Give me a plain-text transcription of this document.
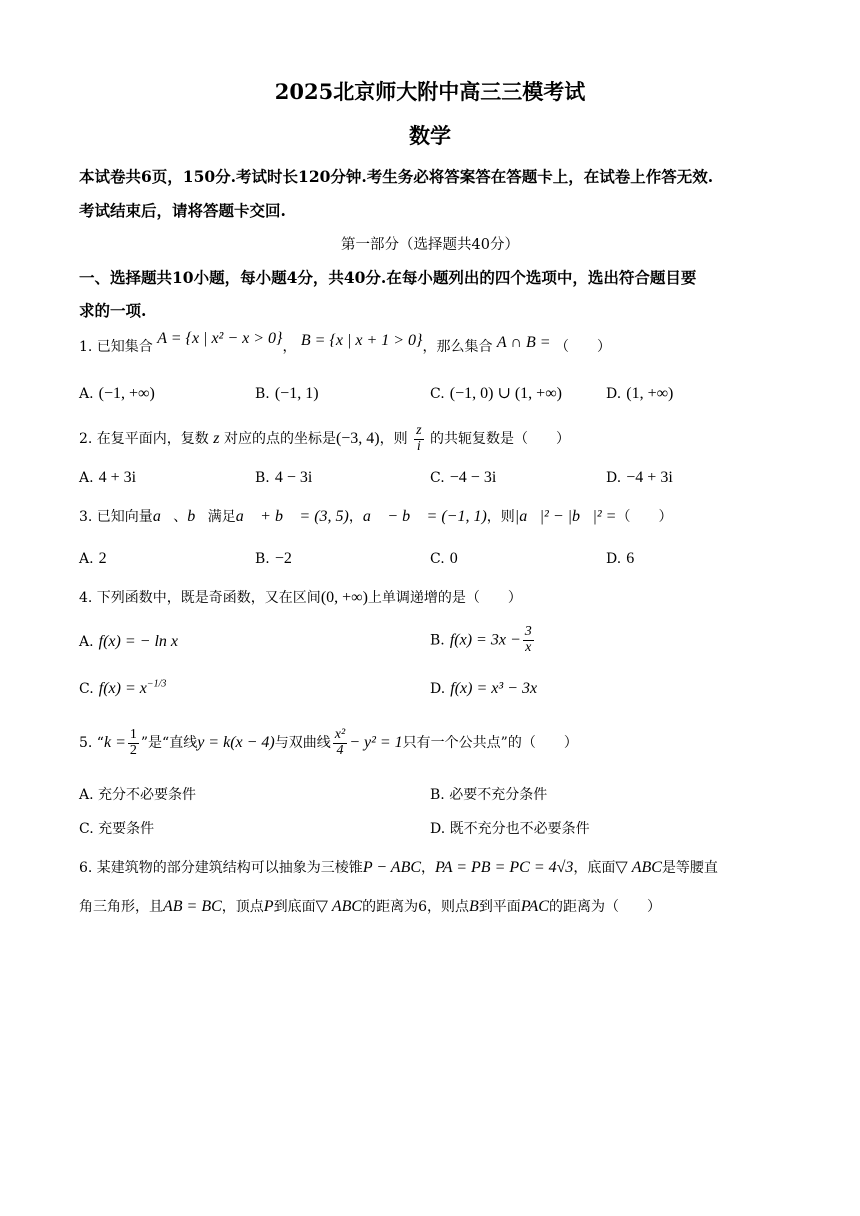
2025北京师大附中高三三模考试
数学
本试卷共6页，150分.考试时长120分钟.考生务必将答案答在答题卡上，在试卷上作答无效.
考试结束后，请将答题卡交回.
第一部分（选择题共40分）
一、选择题共10小题，每小题4分，共40分.在每小题列出的四个选项中，选出符合题目要
求的一项.
1. 已知集合 A = {x | x² − x > 0}， B = {x | x + 1 > 0}，那么集合 A ∩ B = （　　）
A. (−1, +∞)	B. (−1, 1)	C. (−1, 0) ∪ (1, +∞)	D. (1, +∞)
2. 在复平面内，复数 z 对应的点的坐标是(−3, 4)，则 $\frac{z}{i}$ 的共轭复数是（　　）
A. 4 + 3i	B. 4 − 3i	C. −4 − 3i	D. −4 + 3i
3. 已知向量a⃗、b⃗满足a⃗ + b⃗ = (3, 5)，a⃗ − b⃗ = (−1, 1)，则|a⃗|² − |b⃗|² =（　　）
A. 2	B. −2	C. 0	D. 6
4. 下列函数中，既是奇函数，又在区间(0, +∞)上单调递增的是（　　）
A. f(x) = − ln x	B. $f(x) = 3x - \frac{3}{x}$
C. $f(x) = x^{-1/3}$	D. f(x) = x³ − 3x
5. “$k = \frac{1}{2}$ ”是“直线y = k(x − 4)与双曲线 $\frac{\text{x²}}{4} - y^2 = 1$只有一个公共点”的（　　）
A. 充分不必要条件	B. 必要不充分条件
C. 充要条件	D. 既不充分也不必要条件
6. 某建筑物的部分建筑结构可以抽象为三棱锥P − ABC，PA = PB = PC = 4√3，底面▽ ABC是等腰直
角三角形，且AB = BC，顶点P到底面▽ ABC的距离为6，则点B到平面PAC的距离为（　　）
